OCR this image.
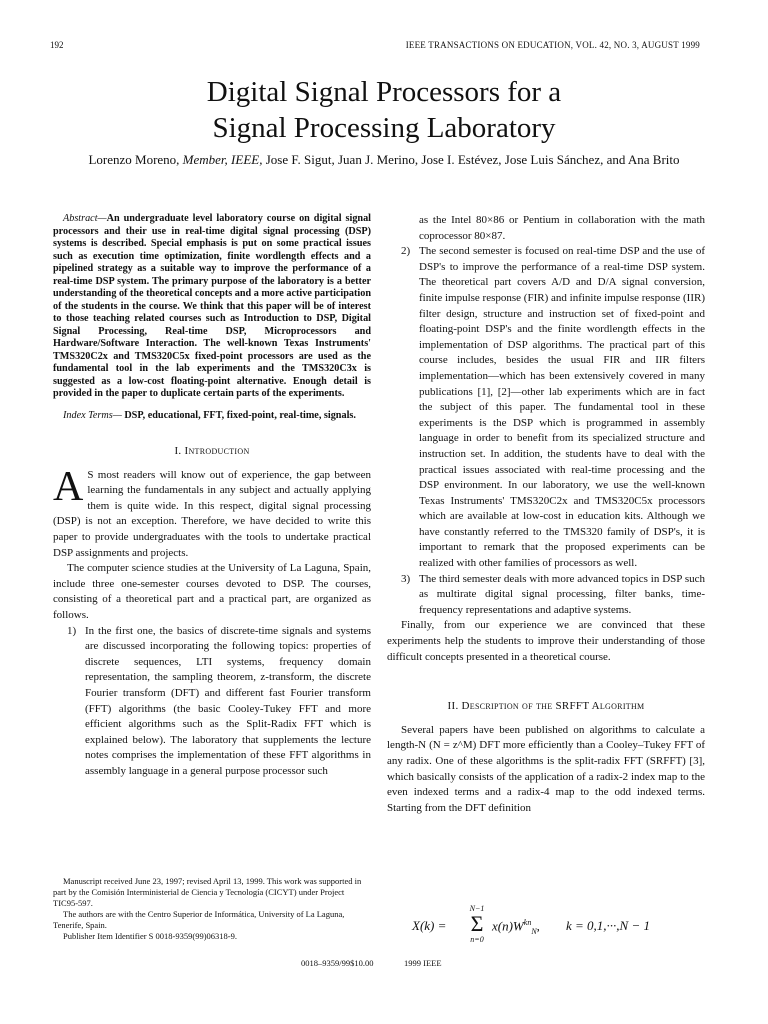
192	IEEE TRANSACTIONS ON EDUCATION, VOL. 42, NO. 3, AUGUST 1999
Digital Signal Processors for a
Signal Processing Laboratory
Lorenzo Moreno, Member, IEEE, Jose F. Sigut, Juan J. Merino, Jose I. Estévez, Jose Luis Sánchez, and Ana Brito

Abstract—An undergraduate level laboratory course on digital signal processors and their use in real-time digital signal processing (DSP) systems is described. Special emphasis is put on some practical issues such as execution time optimization, finite wordlength effects and a pipelined strategy as a suitable way to improve the performance of a real-time DSP system. The primary purpose of the laboratory is a better understanding of the theoretical concepts and a more active participation of the students in the course. We think that this paper will be of interest to those teaching related courses such as Introduction to DSP, Digital Signal Processing, Real-time DSP, Microprocessors and Hardware/Software Interaction. The well-known Texas Instruments' TMS320C2x and TMS320C5x fixed-point processors are used as the fundamental tool in the lab experiments and the TMS320C3x is suggested as a low-cost floating-point alternative. Enough detail is provided in the paper to duplicate certain parts of the experiments.

Index Terms— DSP, educational, FFT, fixed-point, real-time, signals.

I. Introduction

A S most readers will know out of experience, the gap between learning the fundamentals in any subject and actually applying them is quite wide. In this respect, digital signal processing (DSP) is not an exception. Therefore, we have decided to write this paper to provide undergraduates with the tools to undertake practical DSP assignments and projects.

The computer science studies at the University of La Laguna, Spain, include three one-semester courses devoted to DSP. The courses, consisting of a theoretical part and a practical part, are organized as follows.

1) In the first one, the basics of discrete-time signals and systems are discussed incorporating the following topics: properties of discrete sequences, LTI systems, frequency domain representation, the sampling theorem, z-transform, the discrete Fourier transform (DFT) and different fast Fourier transform (FFT) algorithms (the basic Cooley-Tukey FFT and more efficient algorithms such as the Split-Radix FFT which is explained below). The laboratory that supplements the lecture notes comprises the implementation of these FFT algorithms in assembly language in a general purpose processor such

as the Intel 80×86 or Pentium in collaboration with the math coprocessor 80×87.

2) The second semester is focused on real-time DSP and the use of DSP's to improve the performance of a real-time DSP system. The theoretical part covers A/D and D/A signal conversion, finite impulse response (FIR) and infinite impulse response (IIR) filter design, structure and instruction set of fixed-point and floating-point DSP's and the finite wordlength effects in the implementation of DSP algorithms. The practical part of this course includes, besides the usual FIR and IIR filters implementation—which has been extensively covered in many publications [1], [2]—other lab experiments which are in fact the subject of this paper. The fundamental tool in these experiments is the DSP which is programmed in assembly language in order to benefit from its specialized structure and instruction set. In addition, the students have to deal with the practical issues associated with real-time processing and the DSP environment. In our laboratory, we use the well-known Texas Instruments' TMS320C2x and TMS320C5x processors which are available at low-cost in education kits. Although we have constantly referred to the TMS320 family of DSP's, it is important to remark that the proposed experiments can be realized with other families of processors as well.
3) The third semester deals with more advanced topics in DSP such as multirate digital signal processing, filter banks, time-frequency representations and adaptive systems.

Finally, from our experience we are convinced that these experiments help the students to improve their understanding of those difficult concepts presented in a theoretical course.

II. Description of the SRFFT Algorithm

Several papers have been published on algorithms to calculate a length-N (N = z^M) DFT more efficiently than a Cooley–Tukey FFT of any radix. One of these algorithms is the split-radix FFT (SRFFT) [3], which basically consists of the application of a radix-2 index map to the even indexed terms and a radix-4 map to the odd indexed terms. Starting from the DFT definition

X(k) =
N−1
Σ
n=0
$x(n)W^{kn}_N$, k = 0,1,···,N − 1

Manuscript received June 23, 1997; revised April 13, 1999. This work was supported in part by the Comisión Interministerial de Ciencia y Tecnología (CICYT) under Project TIC95-597.

The authors are with the Centro Superior de Informática, University of La Laguna, Tenerife, Spain.

Publisher Item Identifier S 0018-9359(99)06318-9.

0018–9359/99$10.00	1999 IEEE
